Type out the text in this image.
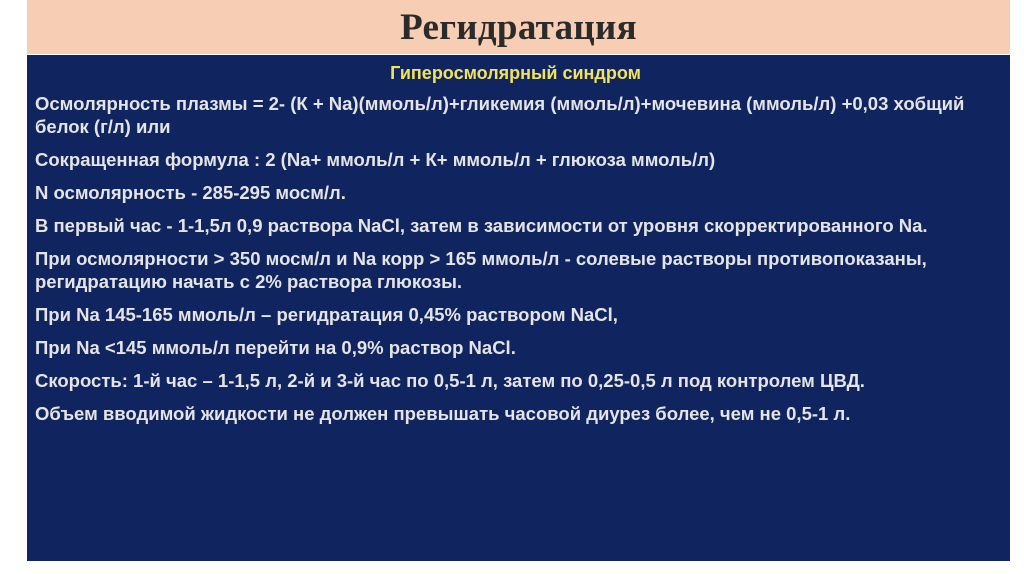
Регидратация
Гиперосмолярный синдром

Осмолярность плазмы = 2- (К + Na)(ммоль/л)+гликемия (ммоль/л)+мочевина (ммоль/л) +0,03 хобщий белок (г/л) или

Сокращенная формула : 2 (Na+ ммоль/л + К+ ммоль/л + глюкоза ммоль/л)

N осмолярность - 285-295 мосм/л.

В первый час - 1-1,5л 0,9 раствора NaCl, затем в зависимости от уровня скорректированного Na.

При осмолярности > 350 мосм/л и Na корр > 165 ммоль/л - солевые растворы противопоказаны, регидратацию начать с 2% раствора глюкозы.

При Na 145-165 ммоль/л – регидратация 0,45% раствором NaCl,

При Na <145 ммоль/л перейти на 0,9% раствор NaCl.

Скорость: 1-й час – 1-1,5 л, 2-й и 3-й час по 0,5-1 л, затем по 0,25-0,5 л под контролем ЦВД.

Объем вводимой жидкости не должен превышать часовой диурез более, чем не 0,5-1 л.
